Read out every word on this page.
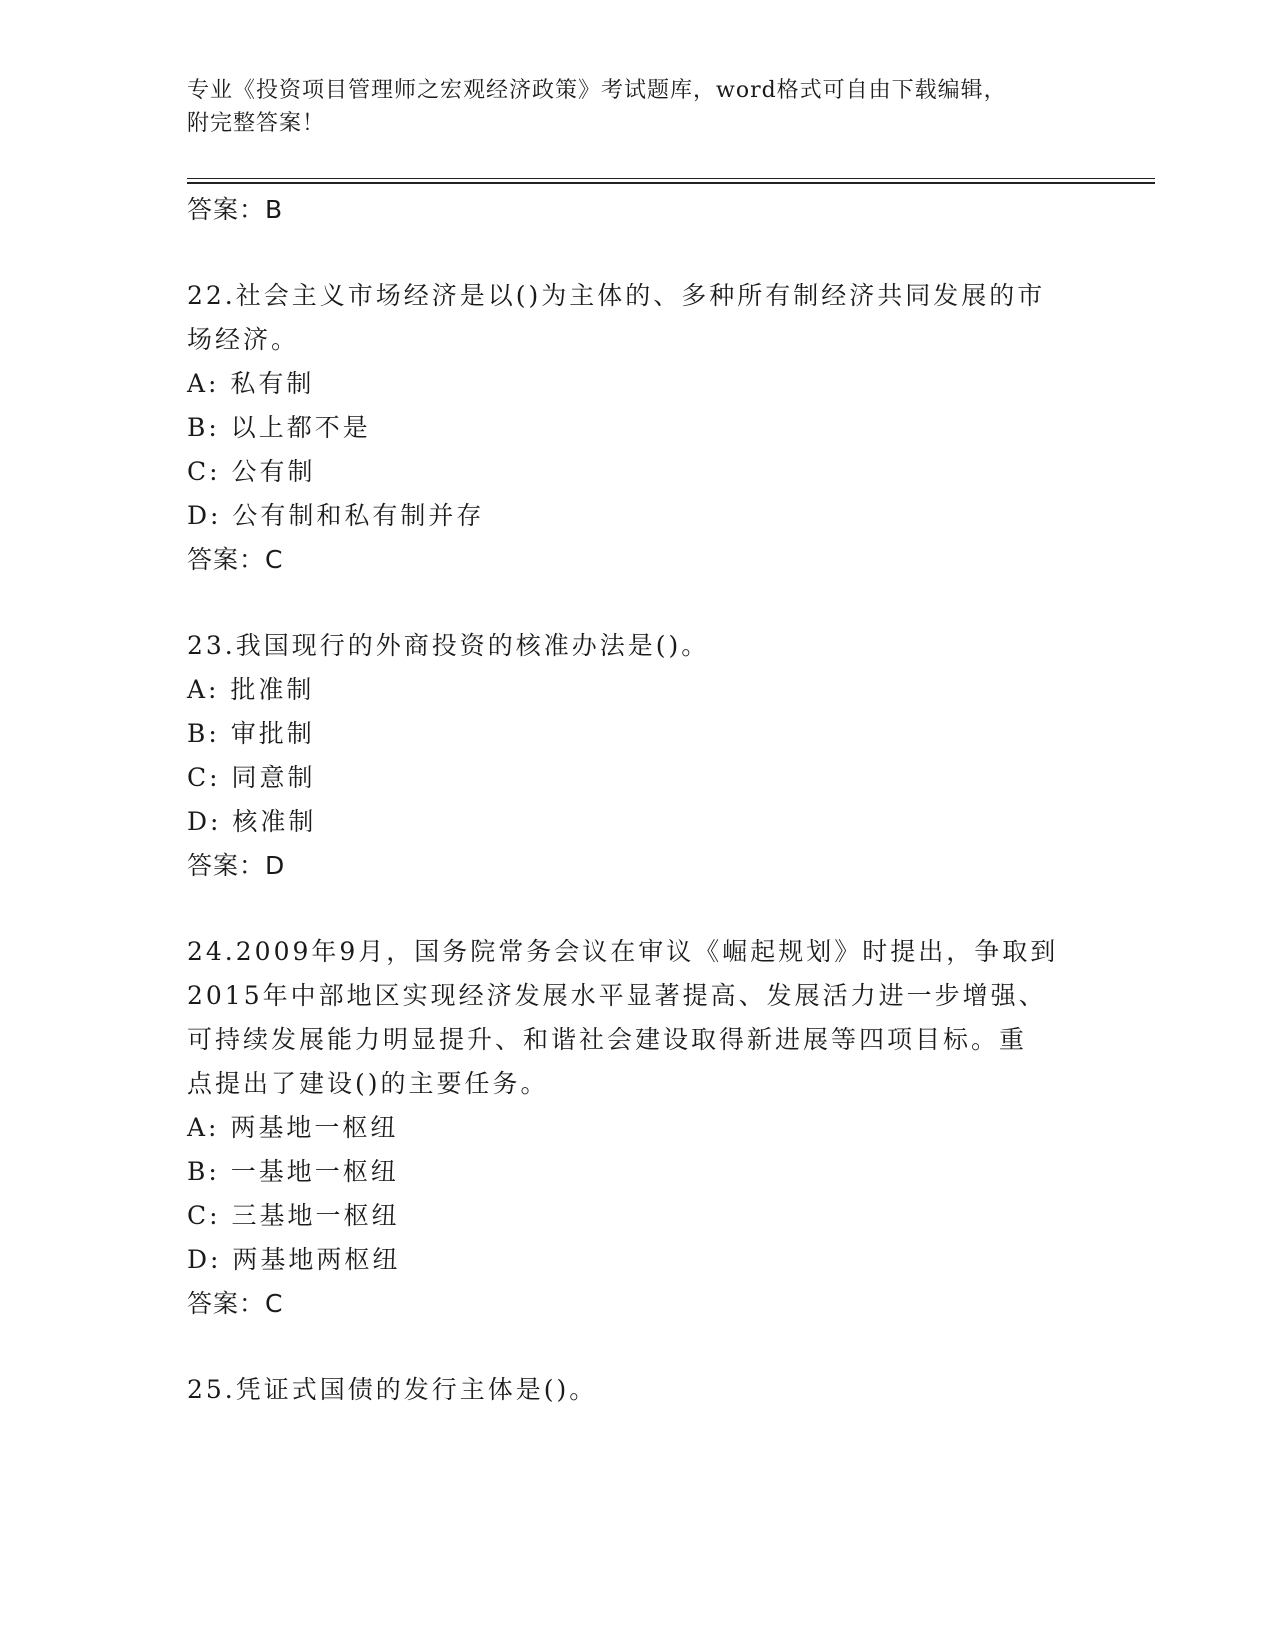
专业《投资项目管理师之宏观经济政策》考试题库，word格式可自由下载编辑，
附完整答案！
答案：B
22.社会主义市场经济是以()为主体的、多种所有制经济共同发展的市
场经济。
A: 私有制
B: 以上都不是
C: 公有制
D: 公有制和私有制并存
答案：C
23.我国现行的外商投资的核准办法是()。
A: 批准制
B: 审批制
C: 同意制
D: 核准制
答案：D
24.2009年9月，国务院常务会议在审议《崛起规划》时提出，争取到
2015年中部地区实现经济发展水平显著提高、发展活力进一步增强、
可持续发展能力明显提升、和谐社会建设取得新进展等四项目标。重
点提出了建设()的主要任务。
A: 两基地一枢纽
B: 一基地一枢纽
C: 三基地一枢纽
D: 两基地两枢纽
答案：C
25.凭证式国债的发行主体是()。
